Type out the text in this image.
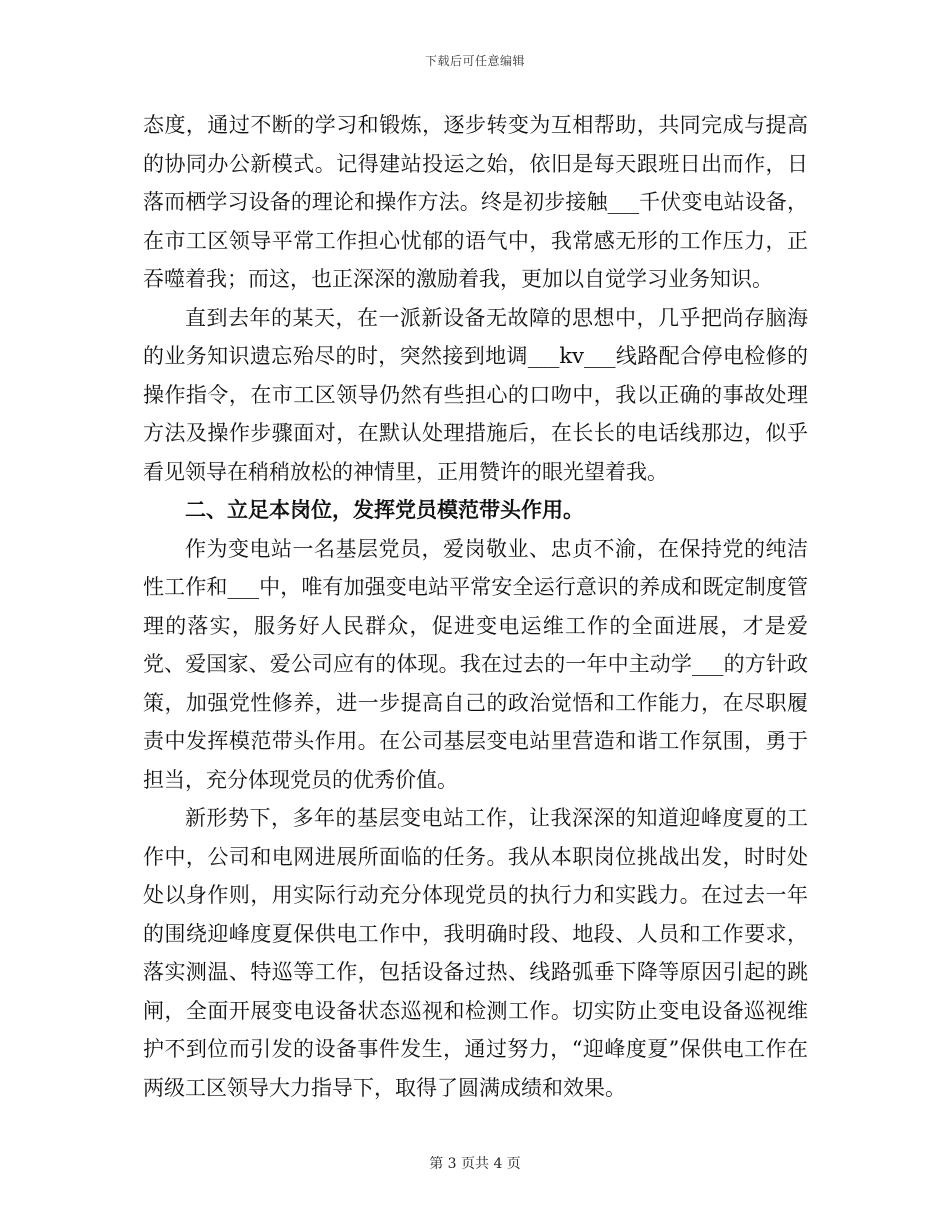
下载后可任意编辑

态度，通过不断的学习和锻炼，逐步转变为互相帮助，共同完成与提高的协同办公新模式。记得建站投运之始，依旧是每天跟班日出而作，日落而栖学习设备的理论和操作方法。终是初步接触___千伏变电站设备，在市工区领导平常工作担心忧郁的语气中，我常感无形的工作压力，正吞噬着我；而这，也正深深的激励着我，更加以自觉学习业务知识。

直到去年的某天，在一派新设备无故障的思想中，几乎把尚存脑海的业务知识遗忘殆尽的时，突然接到地调___kv___线路配合停电检修的操作指令，在市工区领导仍然有些担心的口吻中，我以正确的事故处理方法及操作步骤面对，在默认处理措施后，在长长的电话线那边，似乎看见领导在稍稍放松的神情里，正用赞许的眼光望着我。

二、立足本岗位，发挥党员模范带头作用。

作为变电站一名基层党员，爱岗敬业、忠贞不渝，在保持党的纯洁性工作和___中，唯有加强变电站平常安全运行意识的养成和既定制度管理的落实，服务好人民群众，促进变电运维工作的全面进展，才是爱党、爱国家、爱公司应有的体现。我在过去的一年中主动学___的方针政策，加强党性修养，进一步提高自己的政治觉悟和工作能力，在尽职履责中发挥模范带头作用。在公司基层变电站里营造和谐工作氛围，勇于担当，充分体现党员的优秀价值。

新形势下，多年的基层变电站工作，让我深深的知道迎峰度夏的工作中，公司和电网进展所面临的任务。我从本职岗位挑战出发，时时处处以身作则，用实际行动充分体现党员的执行力和实践力。在过去一年的围绕迎峰度夏保供电工作中，我明确时段、地段、人员和工作要求，落实测温、特巡等工作，包括设备过热、线路弧垂下降等原因引起的跳闸，全面开展变电设备状态巡视和检测工作。切实防止变电设备巡视维护不到位而引发的设备事件发生，通过努力，“迎峰度夏”保供电工作在两级工区领导大力指导下，取得了圆满成绩和效果。

第 3 页共 4 页
